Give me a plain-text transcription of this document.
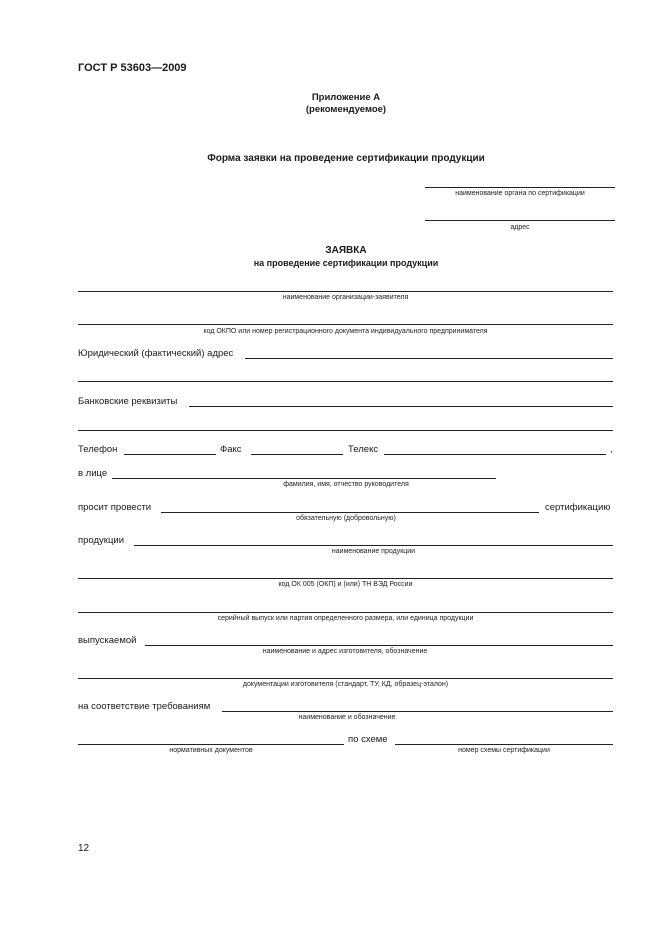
ГОСТ Р 53603—2009
Приложение А
(рекомендуемое)
Форма заявки на проведение сертификации продукции
наименование органа по сертификации
адрес
ЗАЯВКА
на проведение сертификации продукции
наименование организации-заявителя
код ОКПО или номер регистрационного документа индивидуального предпринимателя
Юридический (фактический) адрес
Банковские реквизиты
Телефон	Факс	Телекс	,
в лице
фамилия, имя, отчество руководителя
просит провести
обязательную (добровольную)
сертификацию
продукции
наименование продукции
код ОК 005 (ОКП) и (или) ТН ВЭД России
серийный выпуск или партия определенного размера, или единица продукции
выпускаемой
наименование и адрес изготовителя, обозначение
документации изготовителя (стандарт, ТУ, КД, образец-эталон)
на соответствие требованиям
наименование и обозначение
нормативных документов
по схеме
номер схемы сертификации
12
